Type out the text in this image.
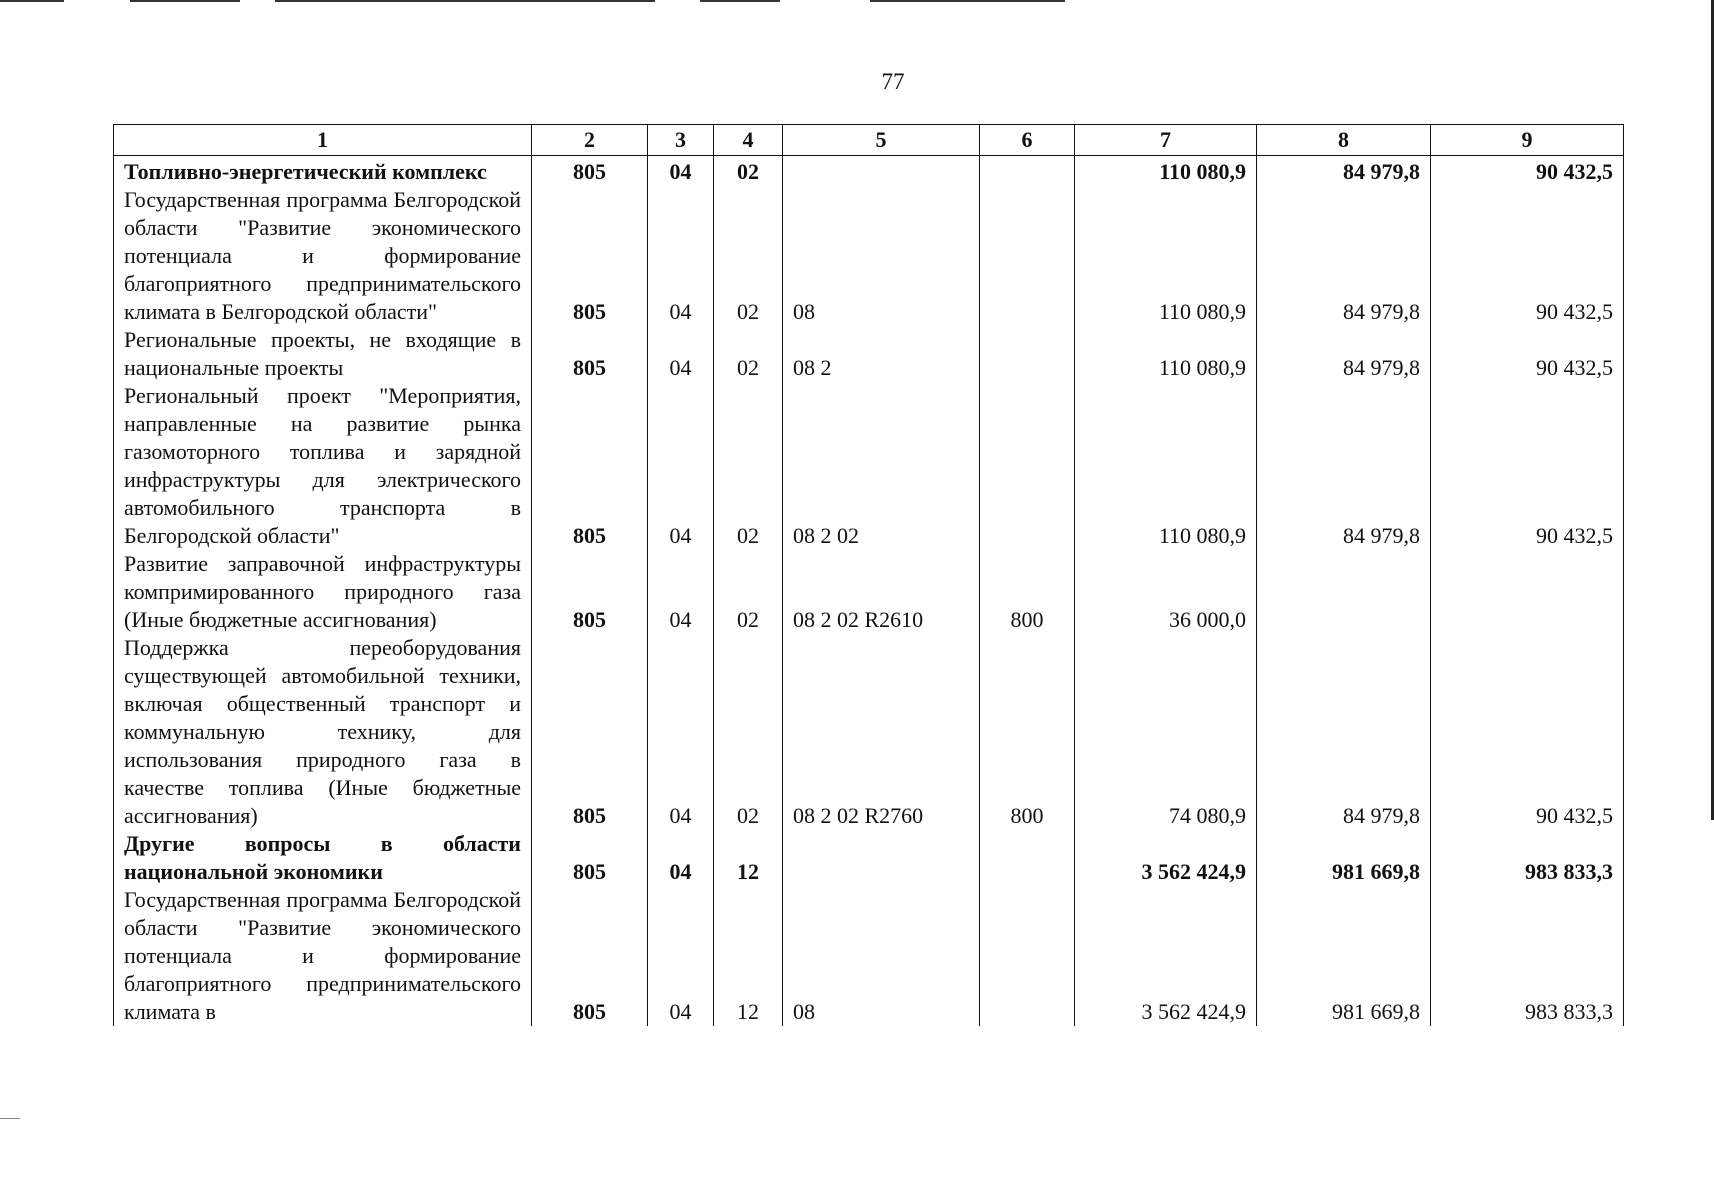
77
1	2	3	4	5	6	7	8	9
Топливно-энергетический комплекс	805	04	02			110 080,9	84 979,8	90 432,5
Государственная программа Белгородской области "Развитие экономического потенциала и формирование благоприятного предпринимательского климата в Белгородской области"	805	04	02	08		110 080,9	84 979,8	90 432,5
Региональные проекты, не входящие в национальные проекты	805	04	02	08 2		110 080,9	84 979,8	90 432,5
Региональный проект "Мероприятия, направленные на развитие рынка газомоторного топлива и зарядной инфраструктуры для электрического автомобильного транспорта в Белгородской области"	805	04	02	08 2 02		110 080,9	84 979,8	90 432,5
Развитие заправочной инфраструктуры компримированного природного газа (Иные бюджетные ассигнования)	805	04	02	08 2 02 R2610	800	36 000,0		
Поддержка переоборудования существующей автомобильной техники, включая общественный транспорт и коммунальную технику, для использования природного газа в качестве топлива (Иные бюджетные ассигнования)	805	04	02	08 2 02 R2760	800	74 080,9	84 979,8	90 432,5
Другие вопросы в области национальной экономики	805	04	12			3 562 424,9	981 669,8	983 833,3
Государственная программа Белгородской области "Развитие экономического потенциала и формирование благоприятного предпринимательского климата в	805	04	12	08		3 562 424,9	981 669,8	983 833,3
